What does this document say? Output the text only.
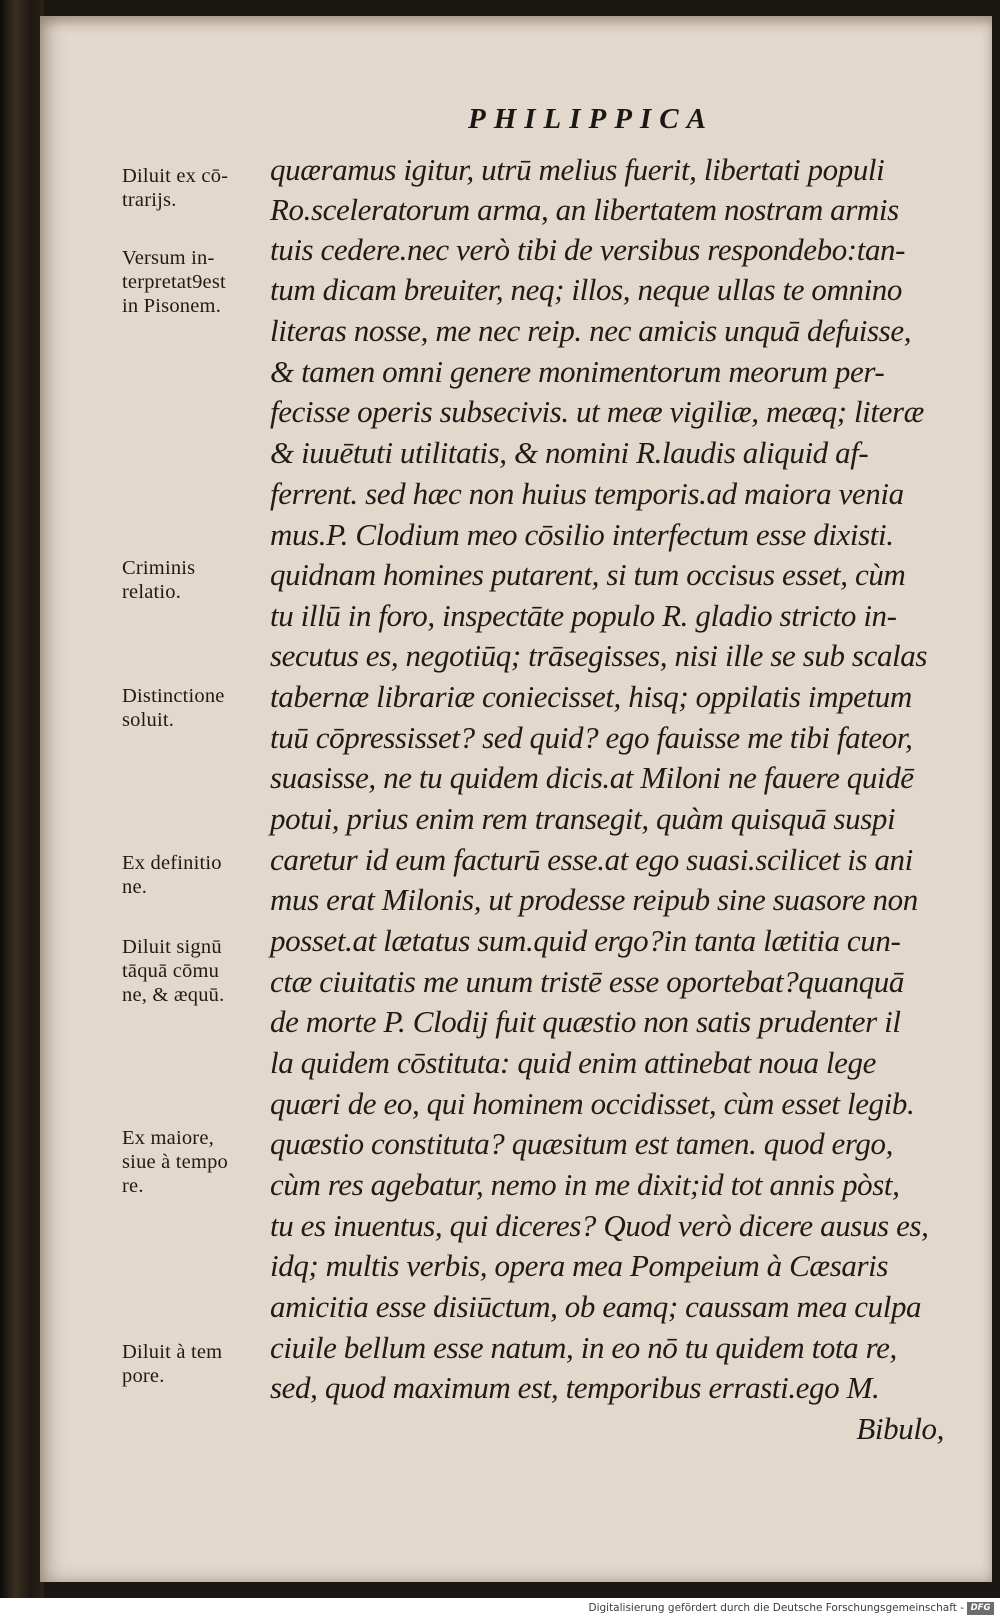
PHILIPPICA
quæramus igitur, utrū melius fuerit, libertati populi
Ro.sceleratorum arma, an libertatem nostram armis
tuis cedere.nec verò tibi de versibus respondebo:tan-
tum dicam breuiter, neq; illos, neque ullas te omnino
literas nosse, me nec reip. nec amicis unquā defuisse,
& tamen omni genere monimentorum meorum per-
fecisse operis subsecivis. ut meæ vigiliæ, meæq; literæ
& iuuētuti utilitatis, & nomini R.laudis aliquid af-
ferrent. sed hæc non huius temporis.ad maiora venia
mus.P. Clodium meo cōsilio interfectum esse dixisti.
quidnam homines putarent, si tum occisus esset, cùm
tu illū in foro, inspectāte populo R. gladio stricto in-
secutus es, negotiūq; trāsegisses, nisi ille se sub scalas
tabernæ librariæ coniecisset, hisq; oppilatis impetum
tuū cōpressisset? sed quid? ego fauisse me tibi fateor,
suasisse, ne tu quidem dicis.at Miloni ne fauere quidē
potui, prius enim rem transegit, quàm quisquā suspi
caretur id eum facturū esse.at ego suasi.scilicet is ani
mus erat Milonis, ut prodesse reipub sine suasore non
posset.at lætatus sum.quid ergo?in tanta lætitia cun-
ctæ ciuitatis me unum tristē esse oportebat?quanquā
de morte P. Clodij fuit quæstio non satis prudenter il
la quidem cōstituta: quid enim attinebat noua lege
quæri de eo, qui hominem occidisset, cùm esset legib.
quæstio constituta? quæsitum est tamen. quod ergo,
cùm res agebatur, nemo in me dixit;id tot annis pòst,
tu es inuentus, qui diceres? Quod verò dicere ausus es,
idq; multis verbis, opera mea Pompeium à Cæsaris
amicitia esse disiūctum, ob eamq; caussam mea culpa
ciuile bellum esse natum, in eo nō tu quidem tota re,
sed, quod maximum est, temporibus errasti.ego M.
Bibulo,
Diluit ex cō-
trarijs.
Versum in-
terpretat9est
in Pisonem.
Criminis
relatio.
Distinctione
soluit.
Ex definitio
ne.
Diluit signū
tāquā cōmu
ne, & æquū.
Ex maiore,
siue à tempo
re.
Diluit à tem
pore.
Digitalisierung gefördert durch die Deutsche Forschungsgemeinschaft - DFG
